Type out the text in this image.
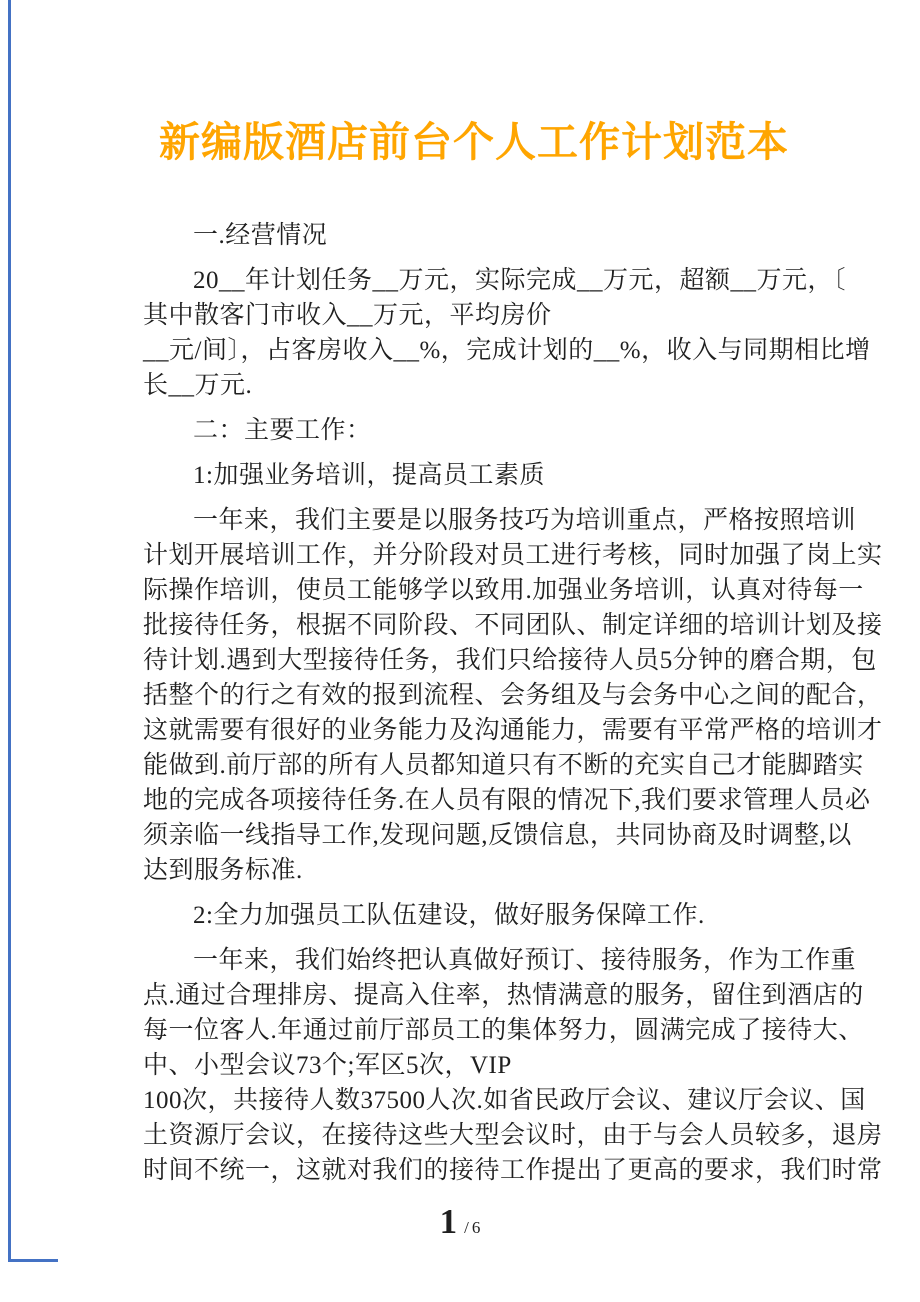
新编版酒店前台个人工作计划范本

一.经营情况

20__年计划任务__万元，实际完成__万元，超额__万元，〔
其中散客门市收入__万元，平均房价
__元/间〕，占客房收入__%，完成计划的__%，收入与同期相比增
长__万元.

二：主要工作：

1:加强业务培训，提高员工素质

一年来，我们主要是以服务技巧为培训重点，严格按照培训
计划开展培训工作，并分阶段对员工进行考核，同时加强了岗上实
际操作培训，使员工能够学以致用.加强业务培训，认真对待每一
批接待任务，根据不同阶段、不同团队、制定详细的培训计划及接
待计划.遇到大型接待任务，我们只给接待人员5分钟的磨合期，包
括整个的行之有效的报到流程、会务组及与会务中心之间的配合，
这就需要有很好的业务能力及沟通能力，需要有平常严格的培训才
能做到.前厅部的所有人员都知道只有不断的充实自己才能脚踏实
地的完成各项接待任务.在人员有限的情况下,我们要求管理人员必
须亲临一线指导工作,发现问题,反馈信息，共同协商及时调整,以
达到服务标准.

2:全力加强员工队伍建设，做好服务保障工作.

一年来，我们始终把认真做好预订、接待服务，作为工作重
点.通过合理排房、提高入住率，热情满意的服务，留住到酒店的
每一位客人.年通过前厅部员工的集体努力，圆满完成了接待大、
中、小型会议73个;军区5次，VIP
100次，共接待人数37500人次.如省民政厅会议、建议厅会议、国
土资源厅会议，在接待这些大型会议时，由于与会人员较多，退房
时间不统一，这就对我们的接待工作提出了更高的要求，我们时常

1 / 6
